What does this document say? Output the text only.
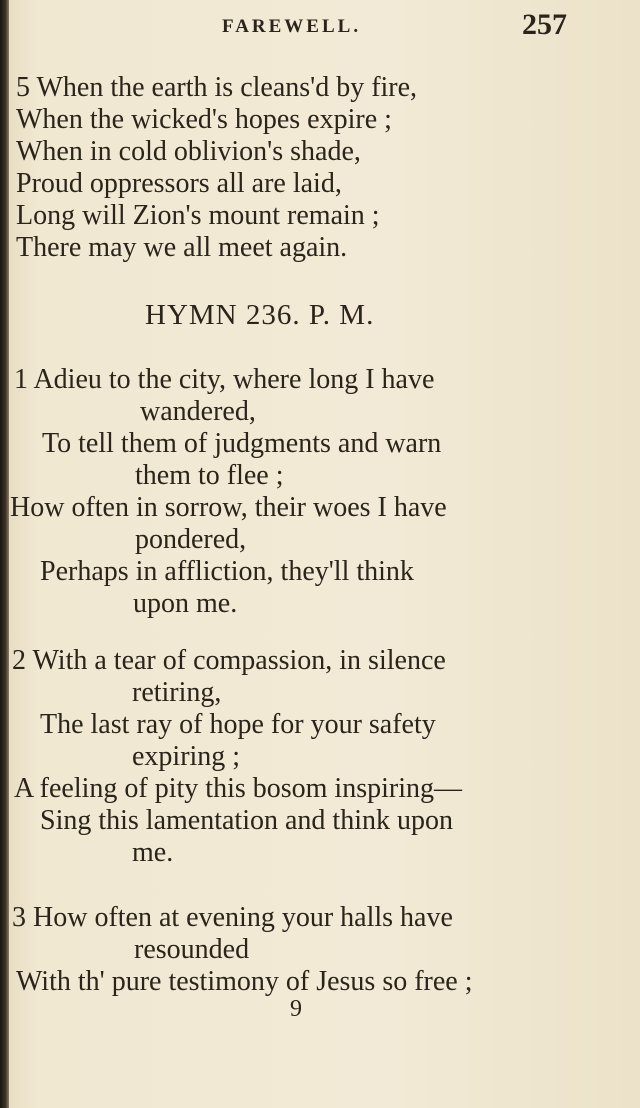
FAREWELL.	257
5 When the earth is cleans'd by fire,
When the wicked's hopes expire ;
When in cold oblivion's shade,
Proud oppressors all are laid,
Long will Zion's mount remain ;
There may we all meet again.
HYMN 236. P. M.
1 Adieu to the city, where long I have
wandered,
To tell them of judgments and warn
them to flee ;
How often in sorrow, their woes I have
pondered,
Perhaps in affliction, they'll think
upon me.
2 With a tear of compassion, in silence
retiring,
The last ray of hope for your safety
expiring ;
A feeling of pity this bosom inspiring—
Sing this lamentation and think upon
me.
3 How often at evening your halls have
resounded
With th' pure testimony of Jesus so free ;
9
